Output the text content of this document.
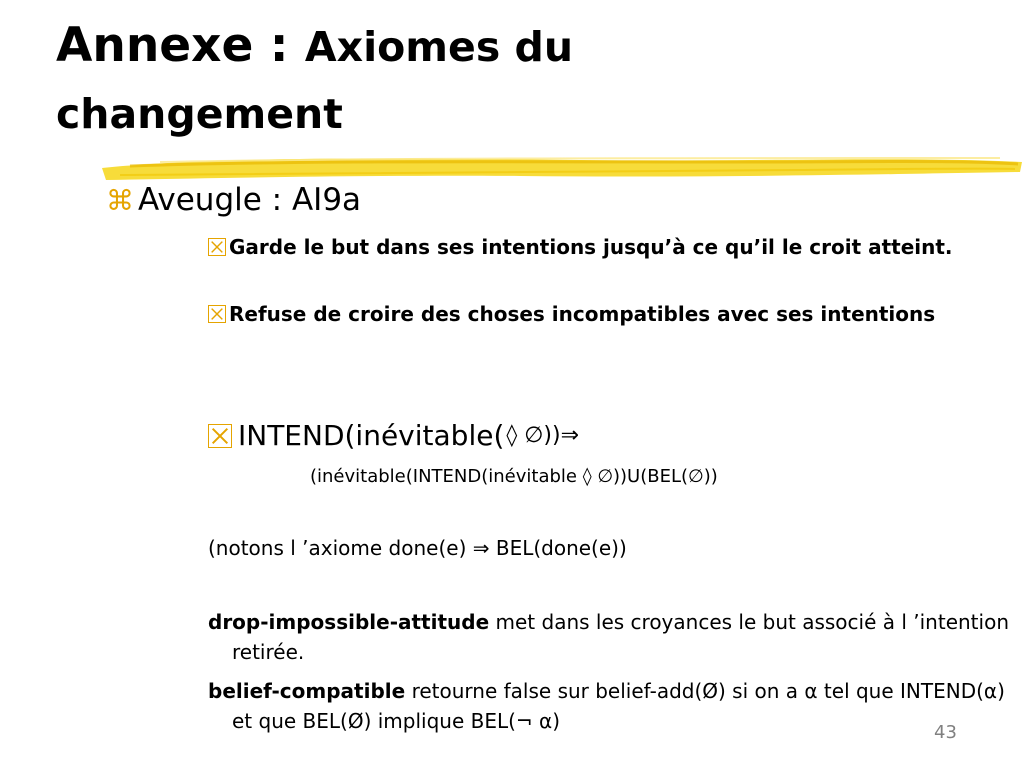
Annexe : Axiomes du
changement
⌘ Aveugle : AI9a
Garde le but dans ses intentions jusqu’à ce qu’il le croit atteint.
Refuse de croire des choses incompatibles avec ses intentions
INTEND(inévitable( ◊ ∅))⇒
(inévitable(INTEND(inévitable ◊ ∅))U(BEL(∅))
(notons l ’axiome done(e) ⇒ BEL(done(e))
drop-impossible-attitude met dans les croyances le but associé à l ’intention retirée.
belief-compatible retourne false sur belief-add(Ø) si on a α tel que INTEND(α) et que BEL(Ø) implique BEL(¬ α)	43
